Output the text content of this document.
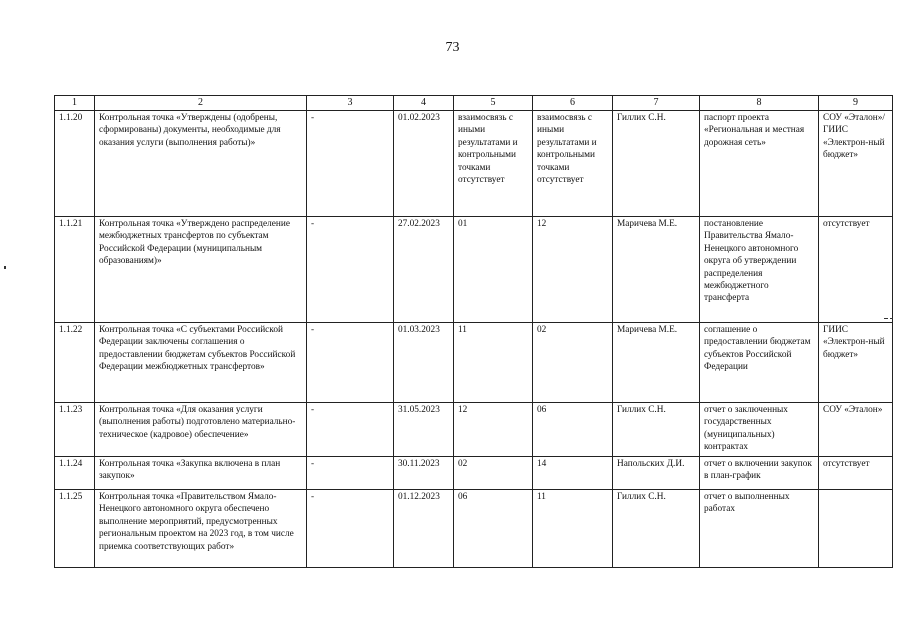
73
1	2	3	4	5	6	7	8	9
1.1.20	Контрольная точка «Утверждены (одобрены, сформированы) документы, необходимые для оказания услуги (выполнения работы)»	-	01.02.2023	взаимосвязь с иными результатами и контрольными точками отсутствует	взаимосвязь с иными результатами и контрольными точками отсутствует	Гиллих С.Н.	паспорт проекта «Региональная и местная дорожная сеть»	СОУ «Эталон»/ ГИИС «Электрон-ный бюджет»
1.1.21	Контрольная точка «Утверждено распределение межбюджетных трансфертов по субъектам Российской Федерации (муниципальным образованиям)»	-	27.02.2023	01	12	Маричева М.Е.	постановление Правительства Ямало-Ненецкого автономного округа об утверждении распределения межбюджетного трансферта	отсутствует
1.1.22	Контрольная точка «С субъектами Российской Федерации заключены соглашения о предоставлении бюджетам субъектов Российской Федерации межбюджетных трансфертов»	-	01.03.2023	11	02	Маричева М.Е.	соглашение о предоставлении бюджетам субъектов Российской Федерации	ГИИС «Электрон-ный бюджет»
1.1.23	Контрольная точка «Для оказания услуги (выполнения работы) подготовлено материально-техническое (кадровое) обеспечение»	-	31.05.2023	12	06	Гиллих С.Н.	отчет о заключенных государственных (муниципальных) контрактах	СОУ «Эталон»
1.1.24	Контрольная точка «Закупка включена в план закупок»	-	30.11.2023	02	14	Напольских Д.И.	отчет о включении закупок в план-график	отсутствует
1.1.25	Контрольная точка «Правительством Ямало-Ненецкого автономного округа обеспечено выполнение мероприятий, предусмотренных региональным проектом на 2023 год, в том числе приемка соответствующих работ»	-	01.12.2023	06	11	Гиллих С.Н.	отчет о выполненных работах	
